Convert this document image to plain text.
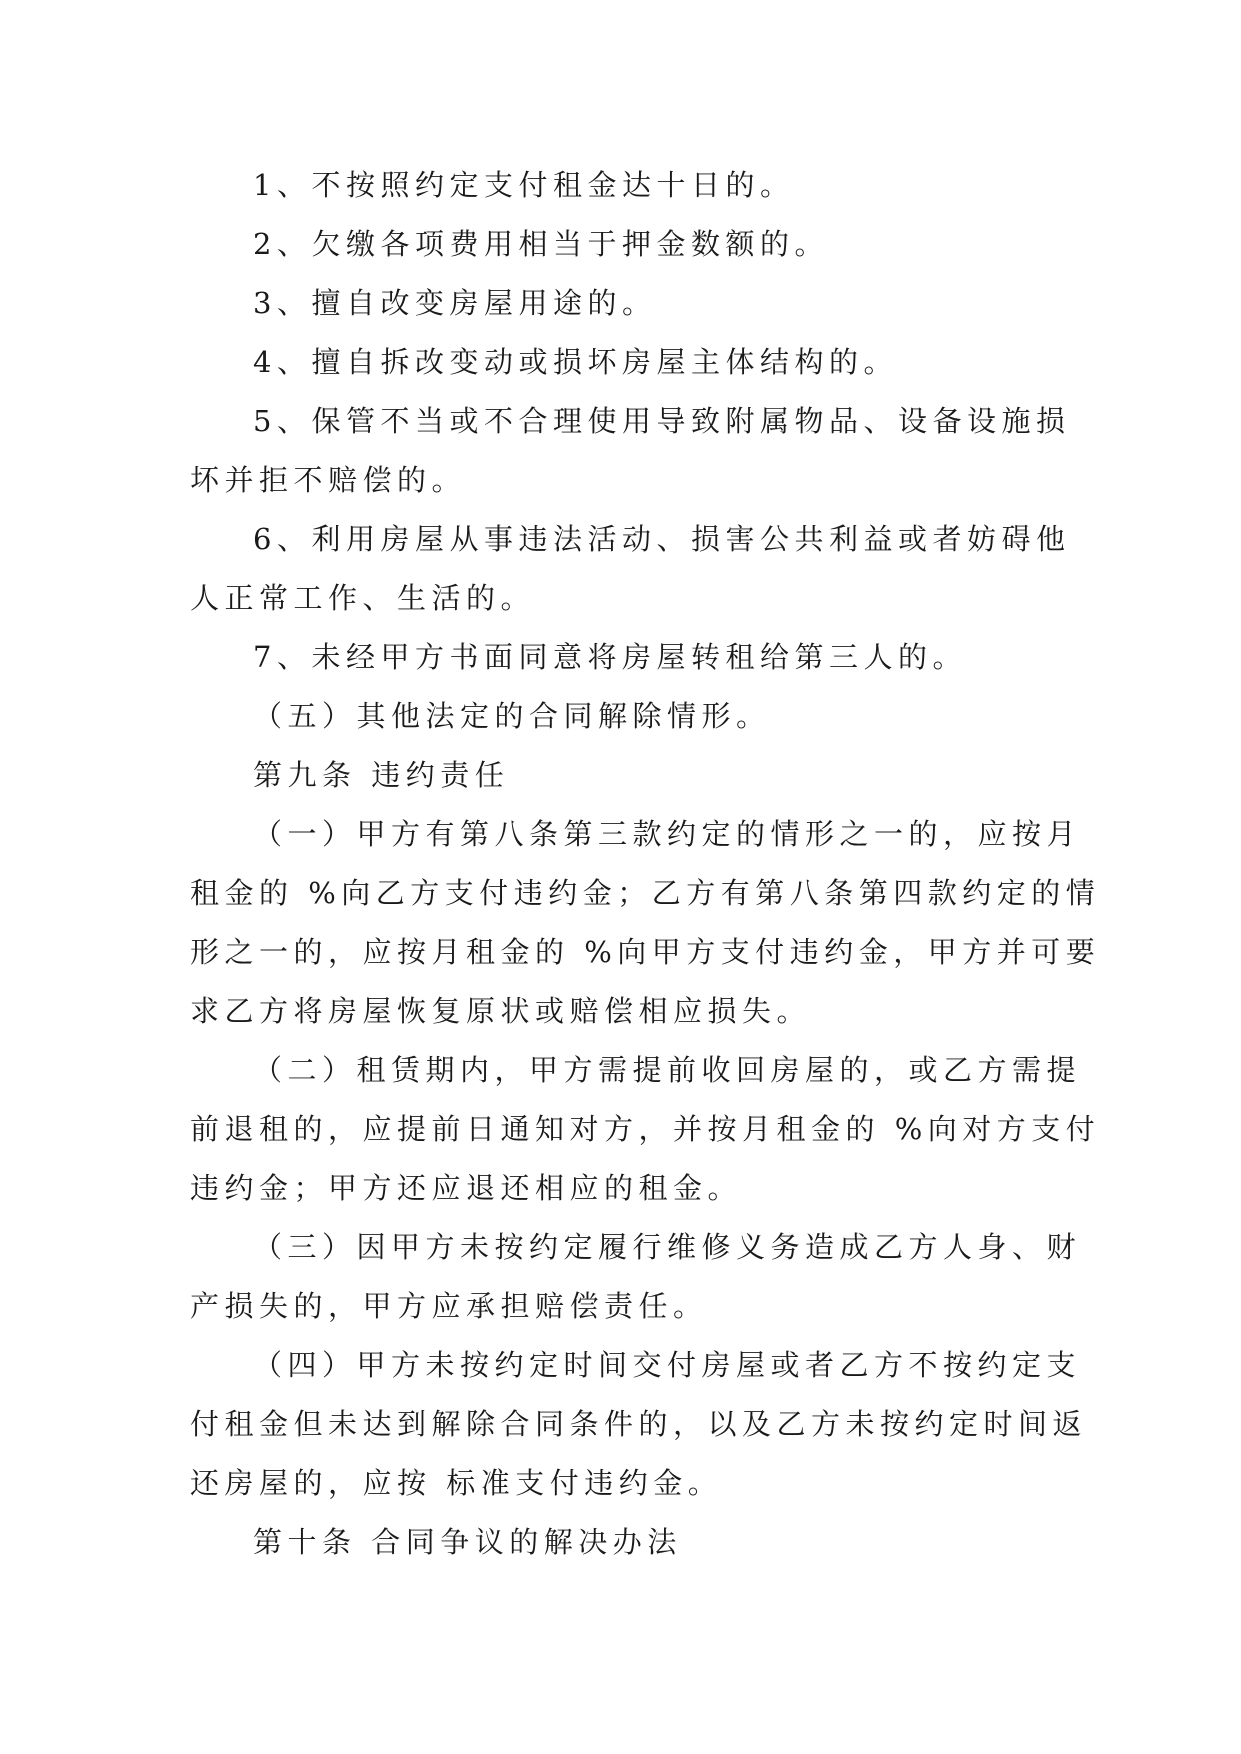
1、不按照约定支付租金达十日的。
2、欠缴各项费用相当于押金数额的。
3、擅自改变房屋用途的。
4、擅自拆改变动或损坏房屋主体结构的。
5、保管不当或不合理使用导致附属物品、设备设施损
坏并拒不赔偿的。
6、利用房屋从事违法活动、损害公共利益或者妨碍他
人正常工作、生活的。
7、未经甲方书面同意将房屋转租给第三人的。
（五）其他法定的合同解除情形。
第九条 违约责任
（一）甲方有第八条第三款约定的情形之一的，应按月
租金的 %向乙方支付违约金；乙方有第八条第四款约定的情
形之一的，应按月租金的 %向甲方支付违约金，甲方并可要
求乙方将房屋恢复原状或赔偿相应损失。
（二）租赁期内，甲方需提前收回房屋的，或乙方需提
前退租的，应提前日通知对方，并按月租金的 %向对方支付
违约金；甲方还应退还相应的租金。
（三）因甲方未按约定履行维修义务造成乙方人身、财
产损失的，甲方应承担赔偿责任。
（四）甲方未按约定时间交付房屋或者乙方不按约定支
付租金但未达到解除合同条件的，以及乙方未按约定时间返
还房屋的，应按 标准支付违约金。
第十条 合同争议的解决办法
